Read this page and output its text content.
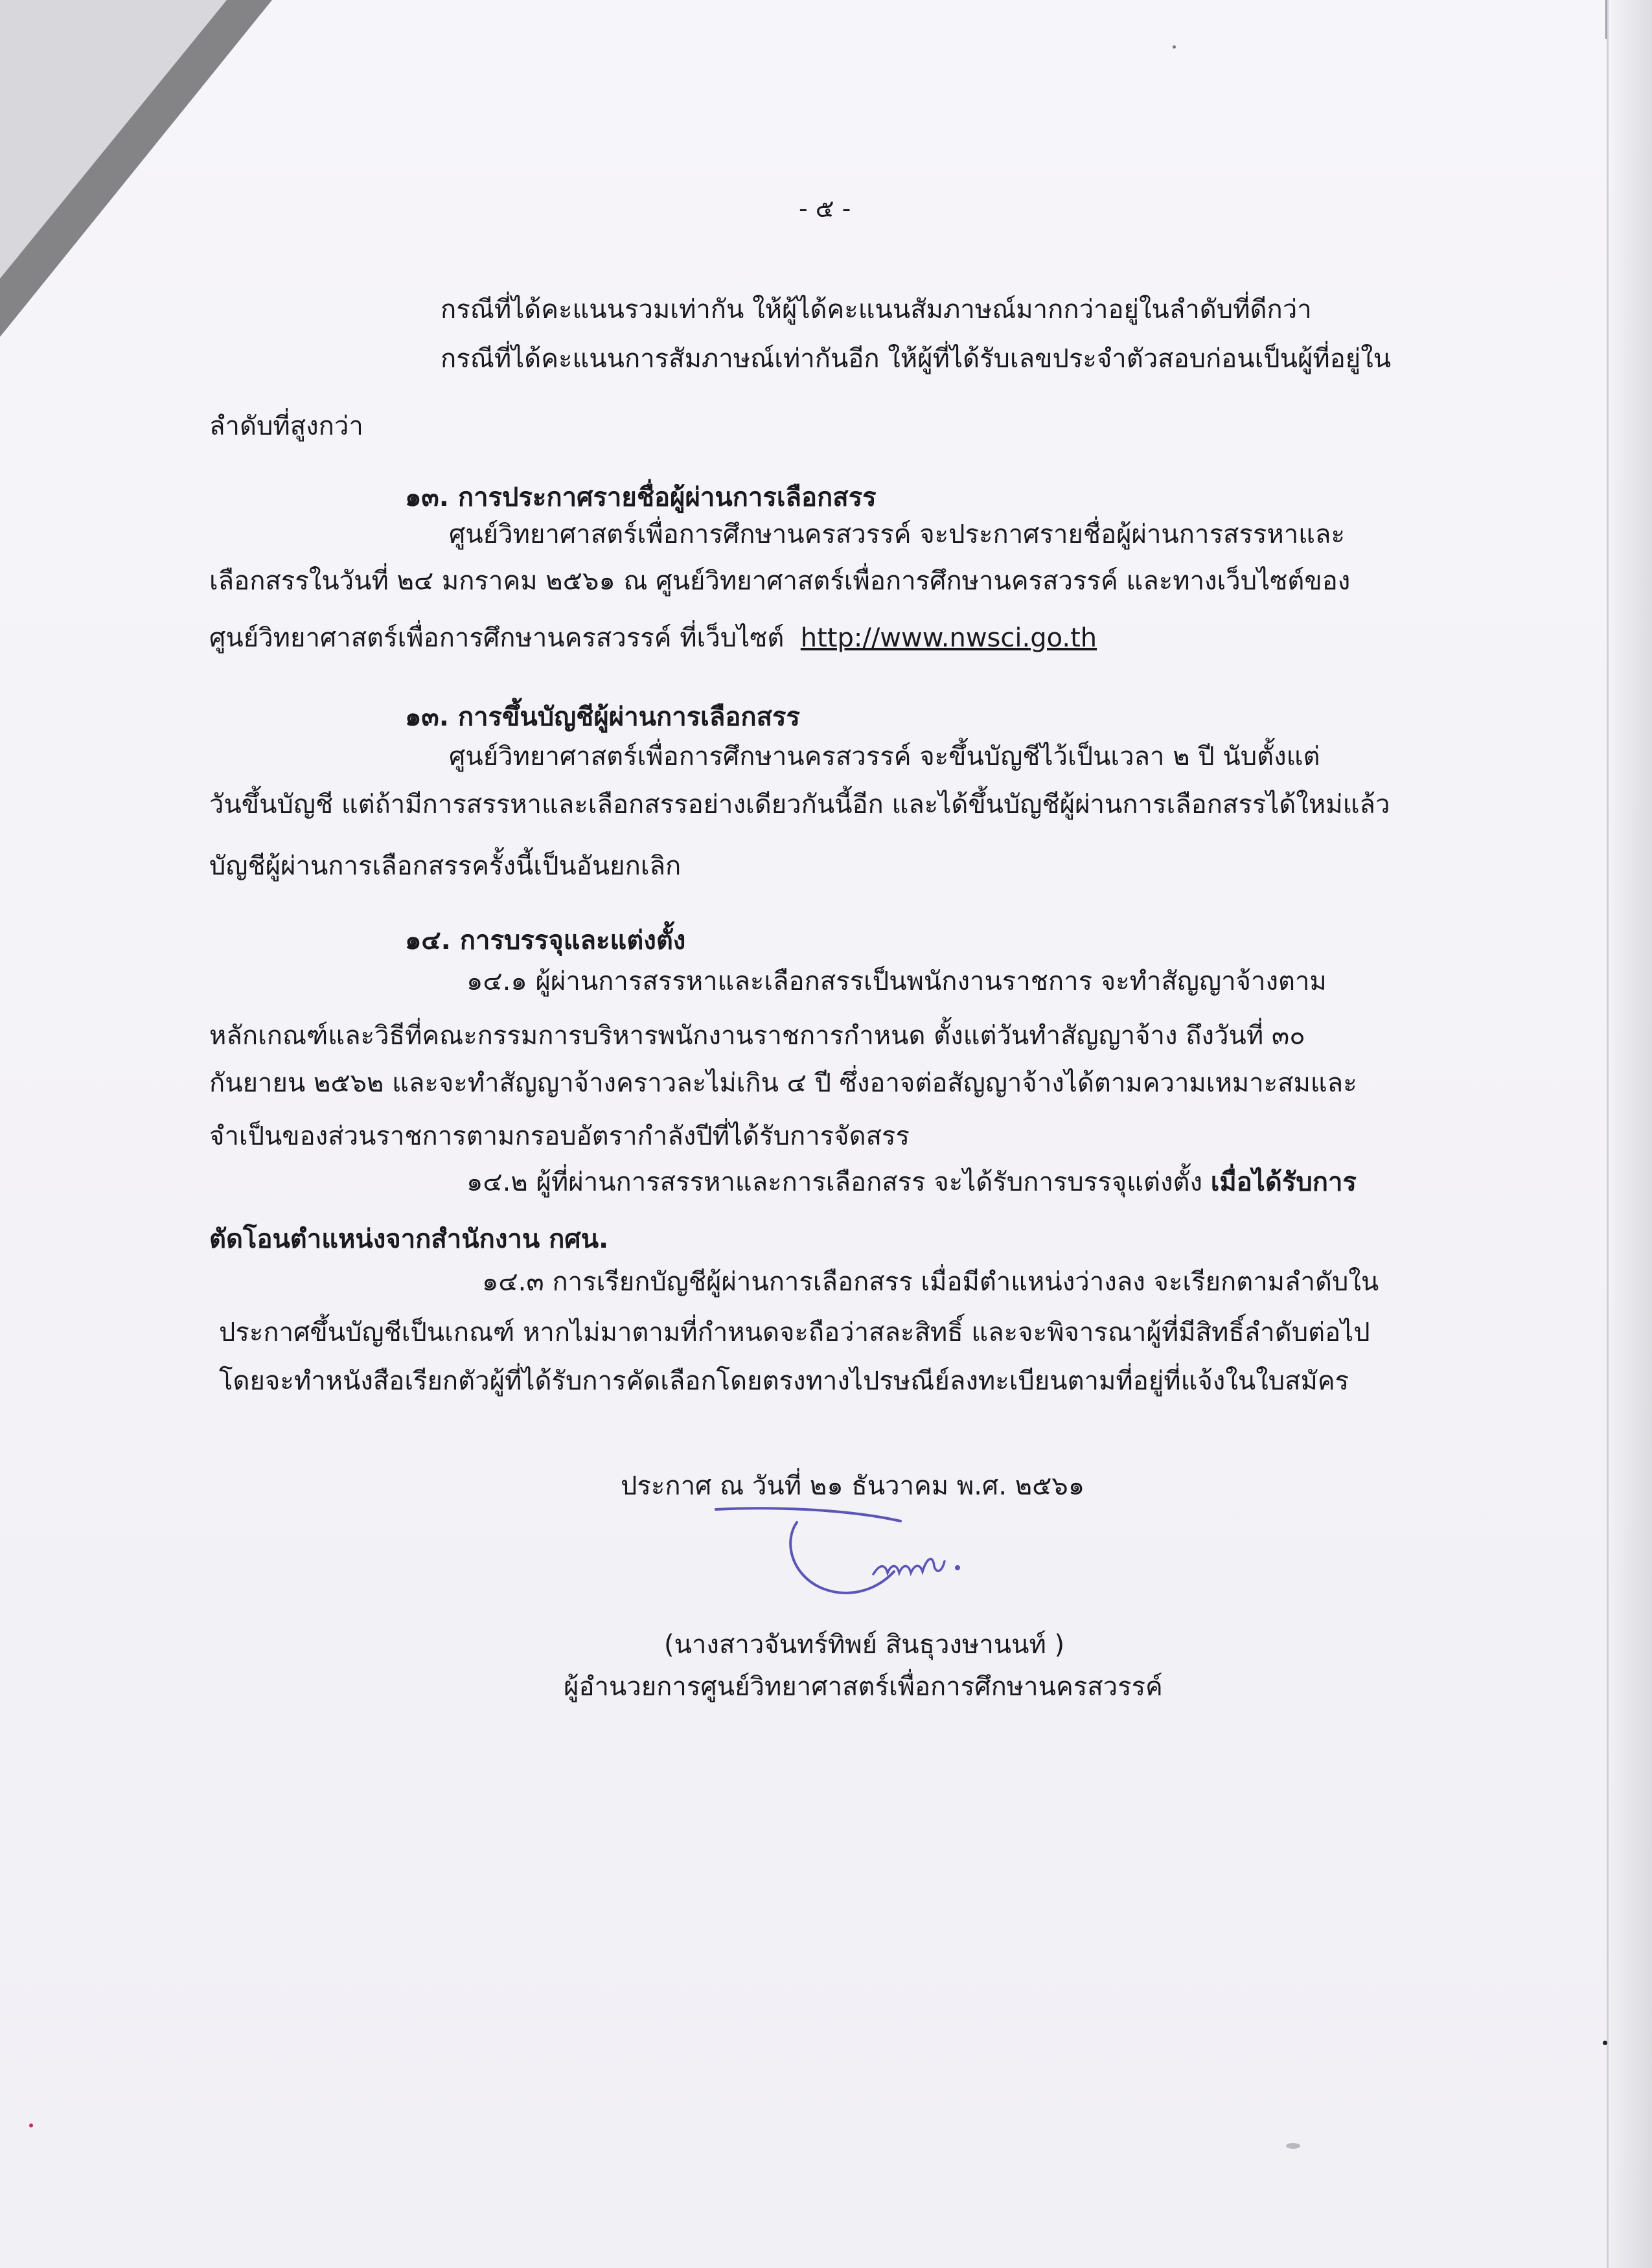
- ๕ -
กรณีที่ได้คะแนนรวมเท่ากัน ให้ผู้ได้คะแนนสัมภาษณ์มากกว่าอยู่ในลำดับที่ดีกว่า
กรณีที่ได้คะแนนการสัมภาษณ์เท่ากันอีก ให้ผู้ที่ได้รับเลขประจำตัวสอบก่อนเป็นผู้ที่อยู่ใน
ลำดับที่สูงกว่า
๑๓. การประกาศรายชื่อผู้ผ่านการเลือกสรร
ศูนย์วิทยาศาสตร์เพื่อการศึกษานครสวรรค์ จะประกาศรายชื่อผู้ผ่านการสรรหาและ
เลือกสรรในวันที่ ๒๔ มกราคม ๒๕๖๑ ณ ศูนย์วิทยาศาสตร์เพื่อการศึกษานครสวรรค์ และทางเว็บไซต์ของ
ศูนย์วิทยาศาสตร์เพื่อการศึกษานครสวรรค์ ที่เว็บไซต์ http://www.nwsci.go.th
๑๓. การขึ้นบัญชีผู้ผ่านการเลือกสรร
ศูนย์วิทยาศาสตร์เพื่อการศึกษานครสวรรค์ จะขึ้นบัญชีไว้เป็นเวลา ๒ ปี นับตั้งแต่
วันขึ้นบัญชี แต่ถ้ามีการสรรหาและเลือกสรรอย่างเดียวกันนี้อีก และได้ขึ้นบัญชีผู้ผ่านการเลือกสรรได้ใหม่แล้ว
บัญชีผู้ผ่านการเลือกสรรครั้งนี้เป็นอันยกเลิก
๑๔. การบรรจุและแต่งตั้ง
๑๔.๑ ผู้ผ่านการสรรหาและเลือกสรรเป็นพนักงานราชการ จะทำสัญญาจ้างตาม
หลักเกณฑ์และวิธีที่คณะกรรมการบริหารพนักงานราชการกำหนด ตั้งแต่วันทำสัญญาจ้าง ถึงวันที่ ๓๐
กันยายน ๒๕๖๒ และจะทำสัญญาจ้างคราวละไม่เกิน ๔ ปี ซึ่งอาจต่อสัญญาจ้างได้ตามความเหมาะสมและ
จำเป็นของส่วนราชการตามกรอบอัตรากำลังปีที่ได้รับการจัดสรร
๑๔.๒ ผู้ที่ผ่านการสรรหาและการเลือกสรร จะได้รับการบรรจุแต่งตั้ง เมื่อได้รับการ
ตัดโอนตำแหน่งจากสำนักงาน กศน.
๑๔.๓ การเรียกบัญชีผู้ผ่านการเลือกสรร เมื่อมีตำแหน่งว่างลง จะเรียกตามลำดับใน
ประกาศขึ้นบัญชีเป็นเกณฑ์ หากไม่มาตามที่กำหนดจะถือว่าสละสิทธิ์ และจะพิจารณาผู้ที่มีสิทธิ์ลำดับต่อไป
โดยจะทำหนังสือเรียกตัวผู้ที่ได้รับการคัดเลือกโดยตรงทางไปรษณีย์ลงทะเบียนตามที่อยู่ที่แจ้งในใบสมัคร
ประกาศ ณ วันที่ ๒๑ ธันวาคม พ.ศ. ๒๕๖๑
(นางสาวจันทร์ทิพย์ สินธุวงษานนท์ )
ผู้อำนวยการศูนย์วิทยาศาสตร์เพื่อการศึกษานครสวรรค์
